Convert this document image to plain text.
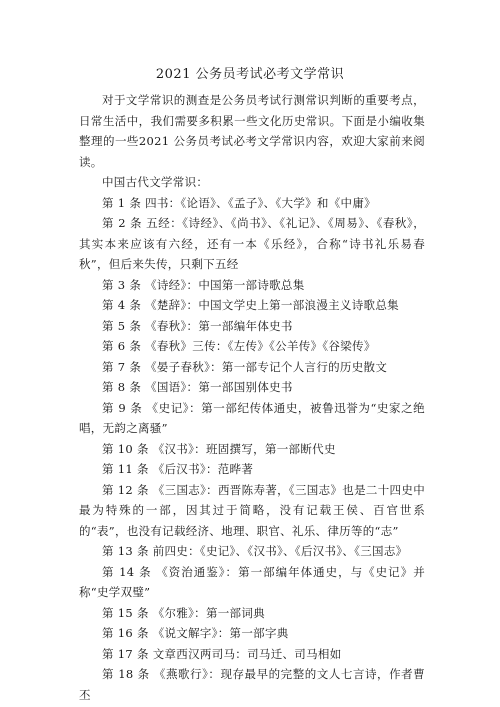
2021 公务员考试必考文学常识

对于文学常识的测查是公务员考试行测常识判断的重要考点，日常生活中，我们需要多积累一些文化历史常识。下面是小编收集整理的一些2021 公务员考试必考文学常识内容，欢迎大家前来阅读。

中国古代文学常识：

第 1 条 四书：《论语》、《孟子》、《大学》和《中庸》

第 2 条 五经：《诗经》、《尚书》、《礼记》、《周易》、《春秋》，其实本来应该有六经，还有一本《乐经》，合称“诗书礼乐易春秋”，但后来失传，只剩下五经

第 3 条 《诗经》：中国第一部诗歌总集

第 4 条 《楚辞》：中国文学史上第一部浪漫主义诗歌总集

第 5 条 《春秋》：第一部编年体史书

第 6 条 《春秋》三传：《左传》《公羊传》《谷梁传》

第 7 条 《晏子春秋》：第一部专记个人言行的历史散文

第 8 条 《国语》：第一部国别体史书

第 9 条 《史记》：第一部纪传体通史，被鲁迅誉为“史家之绝唱，无韵之离骚”

第 10 条 《汉书》：班固撰写，第一部断代史

第 11 条 《后汉书》：范晔著

第 12 条 《三国志》：西晋陈寿著，《三国志》也是二十四史中最为特殊的一部，因其过于简略，没有记载王侯、百官世系的“表”，也没有记载经济、地理、职官、礼乐、律历等的“志”

第 13 条 前四史：《史记》、《汉书》、《后汉书》、《三国志》

第 14 条 《资治通鉴》：第一部编年体通史，与《史记》并称“史学双璧”

第 15 条 《尔雅》：第一部词典

第 16 条 《说文解字》：第一部字典

第 17 条 文章西汉两司马：司马迁、司马相如

第 18 条 《燕歌行》：现存最早的完整的文人七言诗，作者曹丕
